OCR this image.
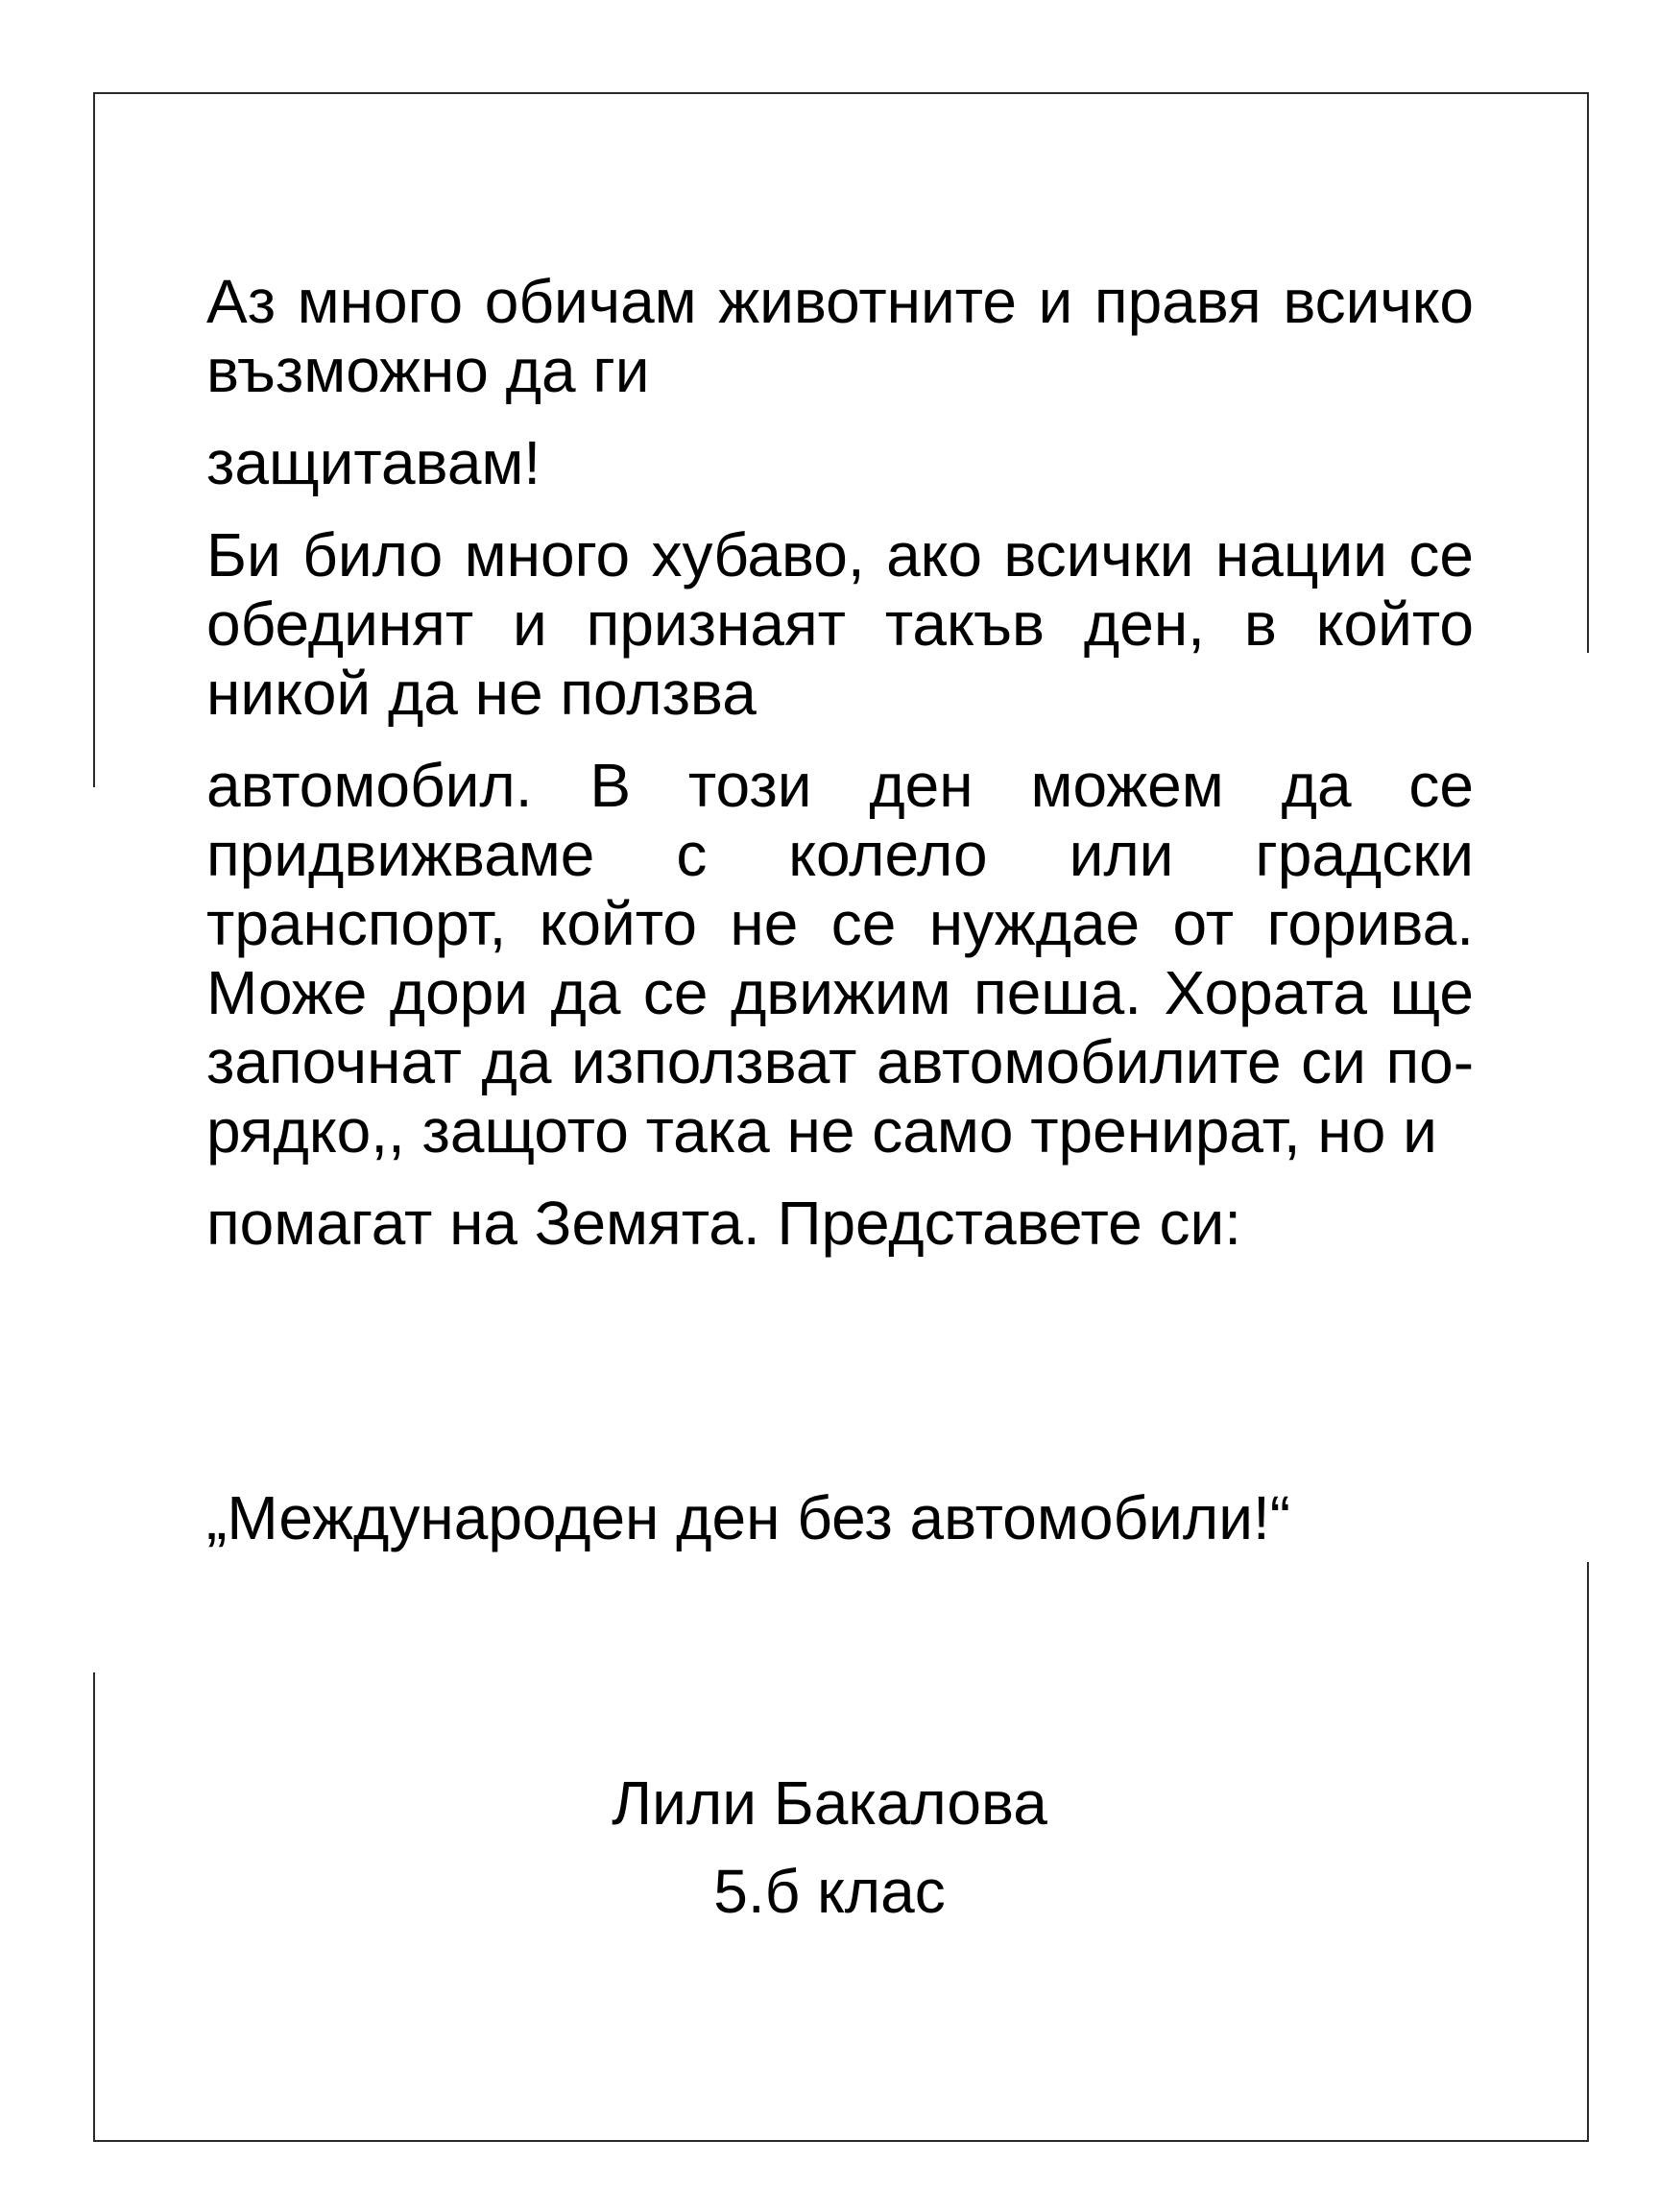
Аз много обичам животните и правя всичко възможно да ги

защитавам!

Би било много хубаво, ако всички нации се обединят и признаят такъв ден, в който никой да не ползва

автомобил. В този ден можем да се придвижваме с колело или градски транспорт, който не се нуждае от горива. Може дори да се движим пеша. Хората ще започнат да използват автомобилите си по-рядко,, защото така не само тренират, но и

помагат на Земята. Представете си:

„Международен ден без автомобили!“
Лили Бакалова
5.б клас
